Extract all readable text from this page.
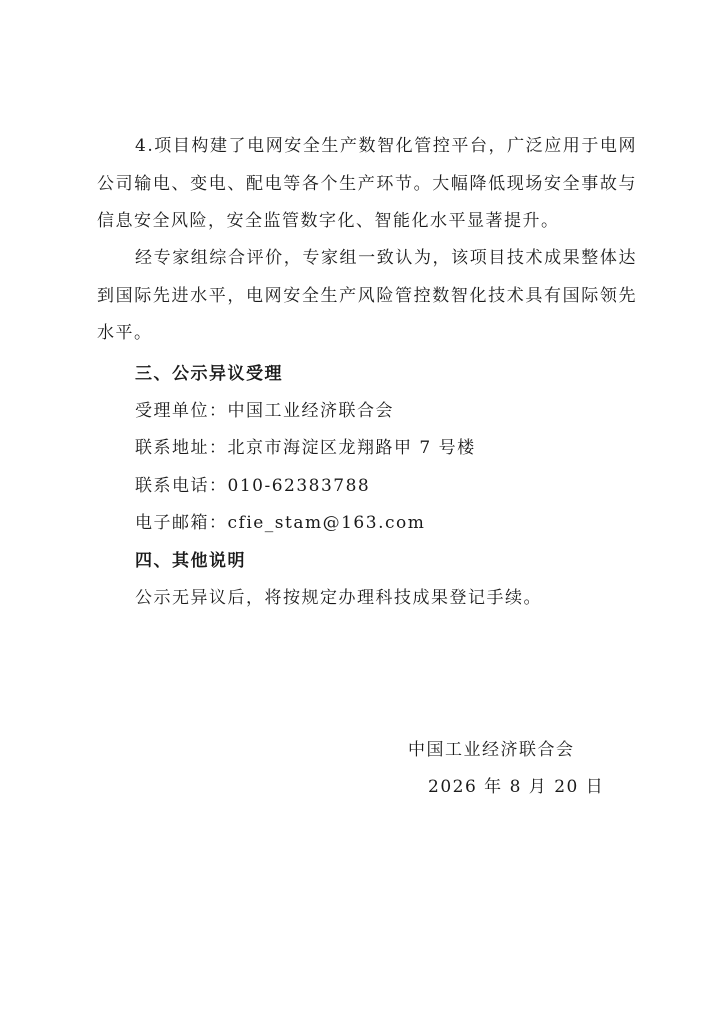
4.项目构建了电网安全生产数智化管控平台，广泛应用于电网公司输电、变电、配电等各个生产环节。大幅降低现场安全事故与信息安全风险，安全监管数字化、智能化水平显著提升。

经专家组综合评价，专家组一致认为，该项目技术成果整体达到国际先进水平，电网安全生产风险管控数智化技术具有国际领先水平。

三、公示异议受理
受理单位：中国工业经济联合会
联系地址：北京市海淀区龙翔路甲 7 号楼
联系电话：010-62383788
电子邮箱：cfie_stam@163.com
四、其他说明
公示无异议后，将按规定办理科技成果登记手续。
中国工业经济联合会
2026 年 8 月 20 日
